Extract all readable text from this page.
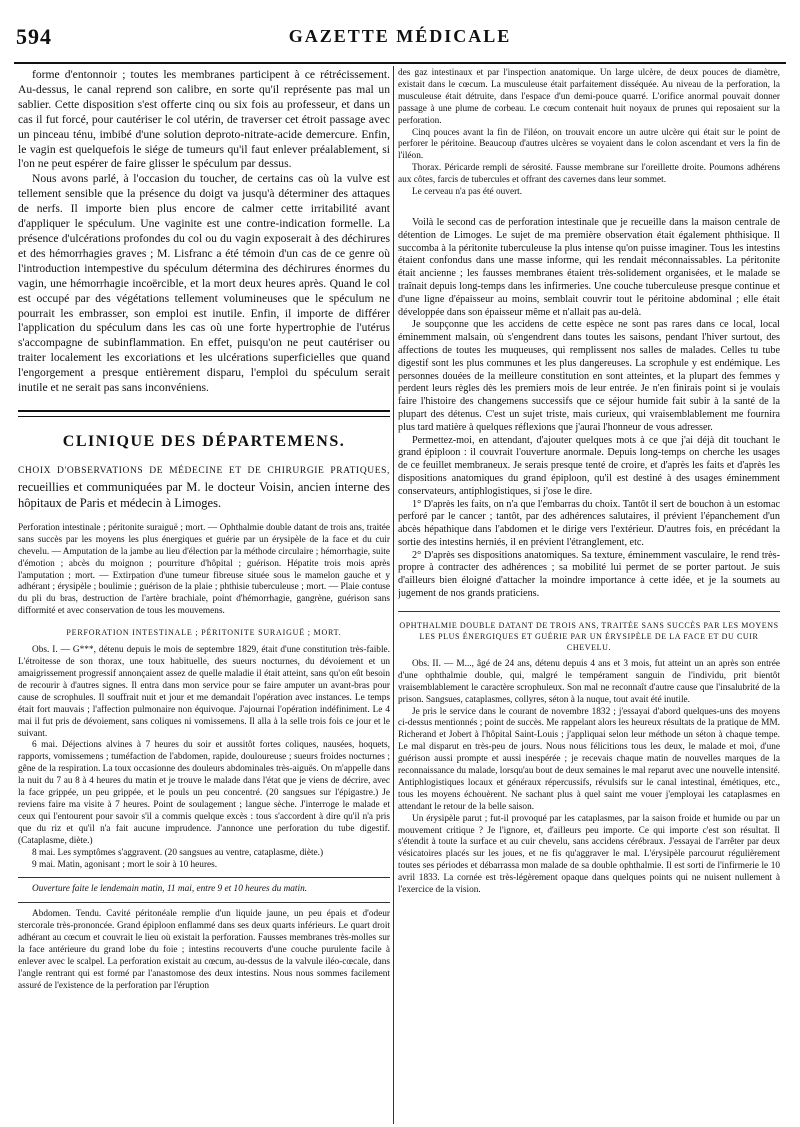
594	GAZETTE MÉDICALE

forme d'entonnoir ; toutes les membranes participent à ce rétrécissement. Au-dessus, le canal reprend son calibre, en sorte qu'il représente pas mal un sablier. Cette disposition s'est offerte cinq ou six fois au professeur, et dans un cas il fut forcé, pour cautériser le col utérin, de traverser cet étroit passage avec un pinceau ténu, imbibé d'une solution deproto-nitrate-acide demercure. Enfin, le vagin est quelquefois le siége de tumeurs qu'il faut enlever préalablement, si l'on ne peut espérer de faire glisser le spéculum par dessus.

Nous avons parlé, à l'occasion du toucher, de certains cas où la vulve est tellement sensible que la présence du doigt va jusqu'à déterminer des attaques de nerfs. Il importe bien plus encore de calmer cette irritabilité avant d'appliquer le spéculum. Une vaginite est une contre-indication formelle. La présence d'ulcérations profondes du col ou du vagin exposerait à des déchirures et des hémorrhagies graves ; M. Lisfranc a été témoin d'un cas de ce genre où l'introduction intempestive du spéculum détermina des déchirures énormes du vagin, une hémorrhagie incoërcible, et la mort deux heures après. Quand le col est occupé par des végétations tellement volumineuses que le spéculum ne pourrait les embrasser, son emploi est inutile. Enfin, il importe de différer l'application du spéculum dans les cas où une forte hypertrophie de l'utérus s'accompagne de subinflammation. En effet, puisqu'on ne peut cautériser ou traiter localement les excoriations et les ulcérations superficielles que quand l'engorgement a presque entièrement disparu, l'emploi du spéculum serait inutile et ne serait pas sans inconvéniens.

CLINIQUE DES DÉPARTEMENS.

CHOIX D'OBSERVATIONS DE MÉDECINE ET DE CHIRURGIE PRATIQUES, recueillies et communiquées par M. le docteur Voisin, ancien interne des hôpitaux de Paris et médecin à Limoges.

Perforation intestinale ; péritonite suraiguë ; mort. — Ophthalmie double datant de trois ans, traitée sans succès par les moyens les plus énergiques et guérie par un érysipèle de la face et du cuir chevelu. — Amputation de la jambe au lieu d'élection par la méthode circulaire ; hémorrhagie, suite d'émotion ; abcès du moignon ; pourriture d'hôpital ; guérison. Hépatite trois mois après l'amputation ; mort. — Extirpation d'une tumeur fibreuse située sous le mamelon gauche et y adhérant ; érysipèle ; boulimie ; guérison de la plaie ; phthisie tuberculeuse ; mort. — Plaie contuse du pli du bras, destruction de l'artère brachiale, point d'hémorrhagie, gangrène, guérison sans difformité et avec conservation de tous les mouvemens.

PERFORATION INTESTINALE ; PÉRITONITE SURAIGUË ; MORT.

Obs. I. — G***, détenu depuis le mois de septembre 1829, était d'une constitution très-faible. L'étroitesse de son thorax, une toux habituelle, des sueurs nocturnes, du dévoiement et un amaigrissement progressif annonçaient assez de quelle maladie il était atteint, sans qu'on eût besoin de recourir à d'autres signes. Il entra dans mon service pour se faire amputer un avant-bras pour cause de scrophules. Il souffrait nuit et jour et me demandait l'opération avec instances. Le temps était fort mauvais ; l'affection pulmonaire non équivoque. J'ajournai l'opération indéfiniment. Le 4 mai il fut pris de dévoiement, sans coliques ni vomissemens. Il alla à la selle trois fois ce jour et le suivant.

6 mai. Déjections alvines à 7 heures du soir et aussitôt fortes coliques, nausées, hoquets, rapports, vomissemens ; tuméfaction de l'abdomen, rapide, douloureuse ; sueurs froides nocturnes ; gêne de la respiration. La toux occasionne des douleurs abdominales très-aiguës. On m'appelle dans la nuit du 7 au 8 à 4 heures du matin et je trouve le malade dans l'état que je viens de décrire, avec la face grippée, un peu grippée, et le pouls un peu concentré. (20 sangsues sur l'épigastre.) Je reviens faire ma visite à 7 heures. Point de soulagement ; langue sèche. J'interroge le malade et ceux qui l'entourent pour savoir s'il a commis quelque excès : tous s'accordent à dire qu'il n'a pris que du riz et qu'il n'a fait aucune imprudence. J'annonce une perforation du tube digestif. (Cataplasme, diète.)

8 mai. Les symptômes s'aggravent. (20 sangsues au ventre, cataplasme, diète.)

9 mai. Matin, agonisant ; mort le soir à 10 heures.

Ouverture faite le lendemain matin, 11 mai, entre 9 et 10 heures du matin.

Abdomen. Tendu. Cavité péritonéale remplie d'un liquide jaune, un peu épais et d'odeur stercorale très-prononcée. Grand épiploon enflammé dans ses deux quarts inférieurs. Le quart droit adhérant au cœcum et couvrait le lieu où existait la perforation. Fausses membranes très-molles sur la face antérieure du grand lobe du foie ; intestins recouverts d'une couche purulente facile à enlever avec le scalpel. La perforation existait au cœcum, au-dessus de la valvule iléo-cœcale, dans l'angle rentrant qui est formé par l'anastomose des deux intestins. Nous nous sommes facilement assuré de l'existence de la perforation par l'éruption

des gaz intestinaux et par l'inspection anatomique. Un large ulcère, de deux pouces de diamètre, existait dans le cœcum. La musculeuse était parfaitement disséquée. Au niveau de la perforation, la musculeuse était détruite, dans l'espace d'un demi-pouce quarré. L'orifice anormal pouvait donner passage à une plume de corbeau. Le cœcum contenait huit noyaux de prunes qui reposaient sur la perforation.

Cinq pouces avant la fin de l'iléon, on trouvait encore un autre ulcère qui était sur le point de perforer le péritoine. Beaucoup d'autres ulcères se voyaient dans le colon ascendant et vers la fin de l'iléon.

Thorax. Péricarde rempli de sérosité. Fausse membrane sur l'oreillette droite. Poumons adhérens aux côtes, farcis de tubercules et offrant des cavernes dans leur sommet.

Le cerveau n'a pas été ouvert.

Voilà le second cas de perforation intestinale que je recueille dans la maison centrale de détention de Limoges. Le sujet de ma première observation était également phthisique. Il succomba à la péritonite tuberculeuse la plus intense qu'on puisse imaginer. Tous les intestins étaient confondus dans une masse informe, qui les rendait méconnaissables. La péritonite était ancienne ; les fausses membranes étaient très-solidement organisées, et le malade se traînait depuis long-temps dans les infirmeries. Une couche tuberculeuse presque continue et d'une ligne d'épaisseur au moins, semblait couvrir tout le péritoine abdominal ; elle était développée dans son épaisseur même et n'allait pas au-delà.

Je soupçonne que les accidens de cette espèce ne sont pas rares dans ce local, local éminemment malsain, où s'engendrent dans toutes les saisons, pendant l'hiver surtout, des affections de toutes les muqueuses, qui remplissent nos salles de malades. Celles tu tube digestif sont les plus communes et les plus dangereuses. La scrophule y est endémique. Les personnes douées de la meilleure constitution en sont atteintes, et la plupart des femmes y perdent leurs règles dès les premiers mois de leur entrée. Je n'en finirais point si je voulais faire l'histoire des changemens successifs que ce séjour humide fait subir à la santé de la plupart des détenus. C'est un sujet triste, mais curieux, qui vraisemblablement me fournira plus tard matière à quelques réflexions que j'aurai l'honneur de vous adresser.

Permettez-moi, en attendant, d'ajouter quelques mots à ce que j'ai déjà dit touchant le grand épiploon : il couvrait l'ouverture anormale. Depuis long-temps on cherche les usages de ce feuillet membraneux. Je serais presque tenté de croire, et d'après les faits et d'après les dispositions anatomiques du grand épiploon, qu'il est destiné à des usages éminemment conservateurs, antiphlogistiques, si j'ose le dire.

1° D'après les faits, on n'a que l'embarras du choix. Tantôt il sert de bouchon à un estomac perforé par le cancer ; tantôt, par des adhérences salutaires, il prévient l'épanchement d'un abcès hépathique dans l'abdomen et le dirige vers l'extérieur. D'autres fois, en précédant la sortie des intestins herniés, il en prévient l'étranglement, etc.

2° D'après ses dispositions anatomiques. Sa texture, éminemment vasculaire, le rend très-propre à contracter des adhérences ; sa mobilité lui permet de se porter partout. Je suis d'ailleurs bien éloigné d'attacher la moindre importance à cette idée, et je la soumets au jugement de nos grands praticiens.

OPHTHALMIE DOUBLE DATANT DE TROIS ANS, TRAITÉE SANS SUCCÈS PAR LES MOYENS LES PLUS ÉNERGIQUES ET GUÉRIE PAR UN ÉRYSIPÈLE DE LA FACE ET DU CUIR CHEVELU.

Obs. II. — M..., âgé de 24 ans, détenu depuis 4 ans et 3 mois, fut atteint un an après son entrée d'une ophthalmie double, qui, malgré le tempérament sanguin de l'individu, prit bientôt vraisemblablement le caractère scrophuleux. Son mal ne reconnaît d'autre cause que l'insalubrité de la prison. Sangsues, cataplasmes, collyres, séton à la nuque, tout avait été inutile.

Je pris le service dans le courant de novembre 1832 ; j'essayai d'abord quelques-uns des moyens ci-dessus mentionnés ; point de succès. Me rappelant alors les heureux résultats de la pratique de MM. Richerand et Jobert à l'hôpital Saint-Louis ; j'appliquai selon leur méthode un séton à chaque tempe. Le mal disparut en très-peu de jours. Nous nous félicitions tous les deux, le malade et moi, d'une guérison aussi prompte et aussi inespérée ; je recevais chaque matin de nouvelles marques de la reconnaissance du malade, lorsqu'au bout de deux semaines le mal reparut avec une nouvelle intensité. Antiphlogistiques locaux et généraux répercussifs, révulsifs sur le canal intestinal, émétiques, etc., tous les moyens échouèrent. Ne sachant plus à quel saint me vouer j'employai les cataplasmes en attendant le retour de la belle saison.

Un érysipèle parut ; fut-il provoqué par les cataplasmes, par la saison froide et humide ou par un mouvement critique ? Je l'ignore, et, d'ailleurs peu importe. Ce qui importe c'est son résultat. Il s'étendit à toute la surface et au cuir chevelu, sans accidens cérébraux. J'essayai de l'arrêter par deux vésicatoires placés sur les joues, et ne fis qu'aggraver le mal. L'érysipèle parcourut régulièrement toutes ses périodes et débarrassa mon malade de sa double ophthalmie. Il est sorti de l'infirmerie le 10 avril 1833. La cornée est très-légèrement opaque dans quelques points qui ne nuisent nullement à l'exercice de la vision.
